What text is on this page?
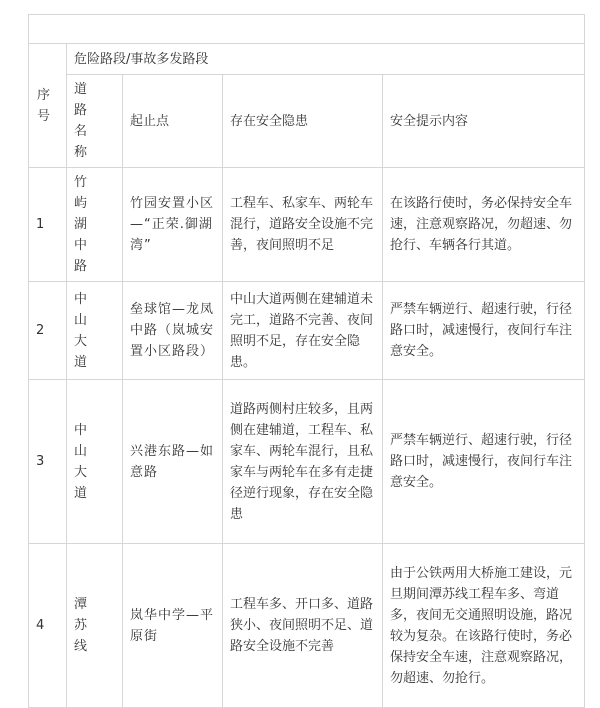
序号	危险路段/事故多发路段			
	道路名称	起止点	存在安全隐患	安全提示内容
1	竹屿湖中路	竹园安置小区—“正荣.御湖湾”	工程车、私家车、两轮车混行，道路安全设施不完善，夜间照明不足	在该路行使时，务必保持安全车速，注意观察路况，勿超速、勿抢行、车辆各行其道。
2	中山大道	垒球馆—龙凤中路（岚城安置小区路段）	中山大道两侧在建辅道未完工，道路不完善、夜间照明不足，存在安全隐患。	严禁车辆逆行、超速行驶，行径路口时，减速慢行，夜间行车注意安全。
3	中山大道	兴港东路—如意路	道路两侧村庄较多，且两侧在建辅道，工程车、私家车、两轮车混行，且私家车与两轮车在多有走捷径逆行现象，存在安全隐患	严禁车辆逆行、超速行驶，行径路口时，减速慢行，夜间行车注意安全。
4	潭苏线	岚华中学—平原街	工程车多、开口多、道路狭小、夜间照明不足、道路安全设施不完善	由于公铁两用大桥施工建设，元旦期间潭苏线工程车多、弯道多，夜间无交通照明设施，路况较为复杂。在该路行使时，务必保持安全车速，注意观察路况，勿超速、勿抢行。
